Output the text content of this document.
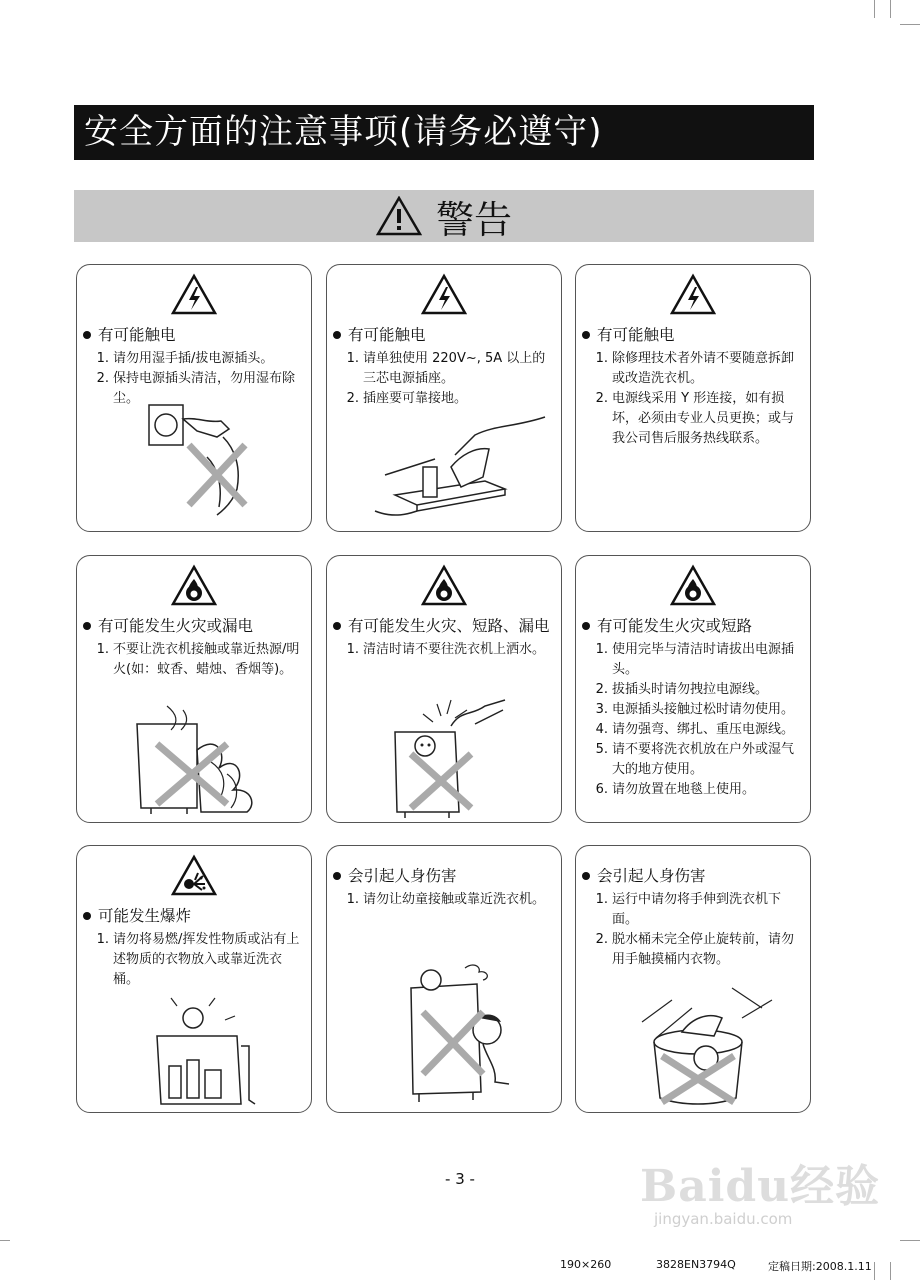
安全方面的注意事项(请务必遵守)
警告
有可能触电
1. 请勿用湿手插/拔电源插头。
2. 保持电源插头清洁，勿用湿布除尘。
有可能触电
1. 请单独使用 220V~, 5A 以上的三芯电源插座。
2. 插座要可靠接地。
有可能触电
1. 除修理技术者外请不要随意拆卸或改造洗衣机。
2. 电源线采用 Y 形连接，如有损坏，必须由专业人员更换；或与我公司售后服务热线联系。
有可能发生火灾或漏电
1. 不要让洗衣机接触或靠近热源/明火(如：蚊香、蜡烛、香烟等)。
有可能发生火灾、短路、漏电
1. 清洁时请不要往洗衣机上洒水。
有可能发生火灾或短路
1. 使用完毕与清洁时请拔出电源插头。
2. 拔插头时请勿拽拉电源线。
3. 电源插头接触过松时请勿使用。
4. 请勿强弯、绑扎、重压电源线。
5. 请不要将洗衣机放在户外或湿气大的地方使用。
6. 请勿放置在地毯上使用。
可能发生爆炸
1. 请勿将易燃/挥发性物质或沾有上述物质的衣物放入或靠近洗衣桶。
会引起人身伤害
1. 请勿让幼童接触或靠近洗衣机。
会引起人身伤害
1. 运行中请勿将手伸到洗衣机下面。
2. 脱水桶未完全停止旋转前，请勿用手触摸桶内衣物。
- 3 -	Baidu经验
jingyan.baidu.com
190×260	3828EN3794Q	定稿日期:2008.1.11
